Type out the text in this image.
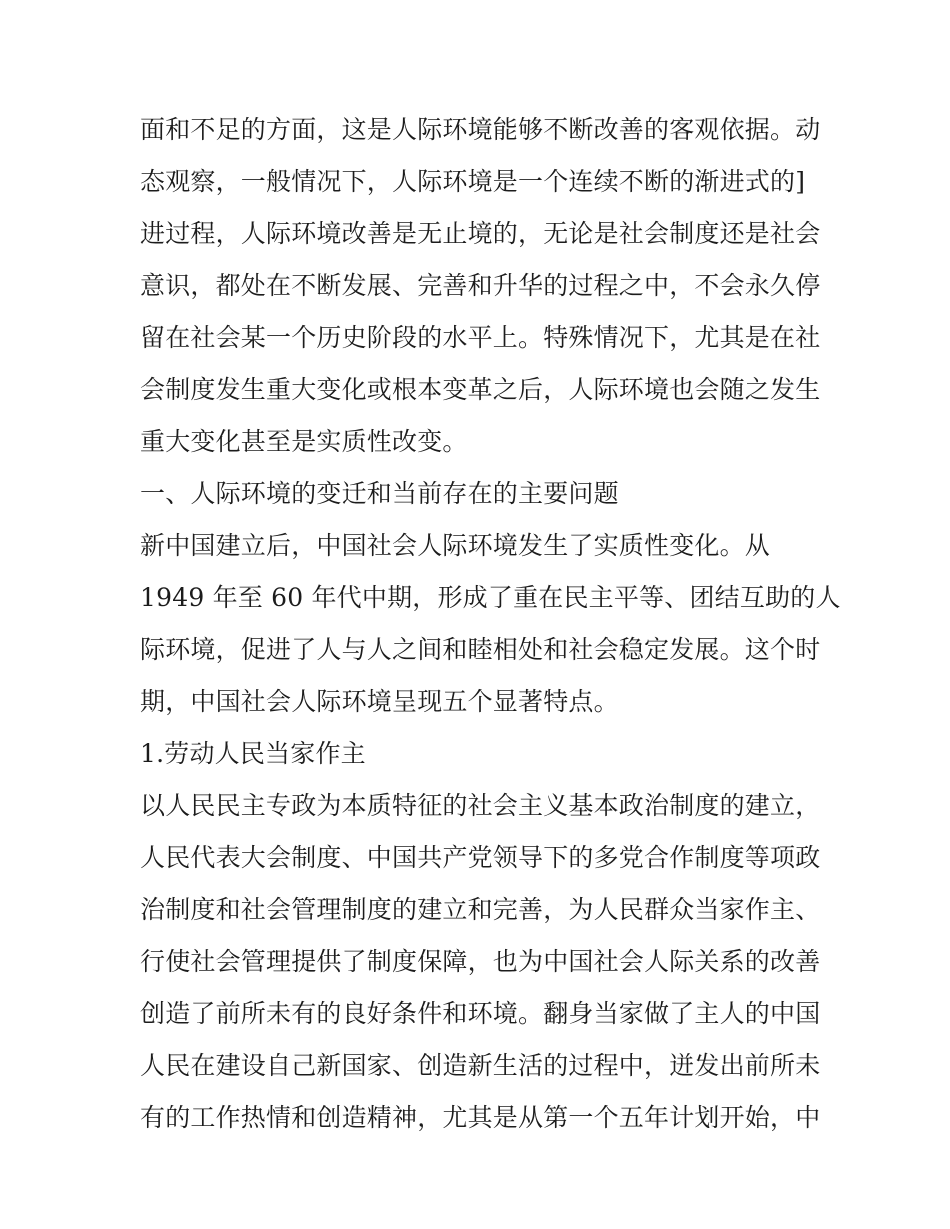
面和不足的方面，这是人际环境能够不断改善的客观依据。动
态观察，一般情况下，人际环境是一个连续不断的渐进式的]
进过程，人际环境改善是无止境的，无论是社会制度还是社会
意识，都处在不断发展、完善和升华的过程之中，不会永久停
留在社会某一个历史阶段的水平上。特殊情况下，尤其是在社
会制度发生重大变化或根本变革之后，人际环境也会随之发生
重大变化甚至是实质性改变。
一、人际环境的变迁和当前存在的主要问题
新中国建立后，中国社会人际环境发生了实质性变化。从
1949 年至 60 年代中期，形成了重在民主平等、团结互助的人
际环境，促进了人与人之间和睦相处和社会稳定发展。这个时
期，中国社会人际环境呈现五个显著特点。
1.劳动人民当家作主
以人民民主专政为本质特征的社会主义基本政治制度的建立，
人民代表大会制度、中国共产党领导下的多党合作制度等项政
治制度和社会管理制度的建立和完善，为人民群众当家作主、
行使社会管理提供了制度保障，也为中国社会人际关系的改善
创造了前所未有的良好条件和环境。翻身当家做了主人的中国
人民在建设自己新国家、创造新生活的过程中，迸发出前所未
有的工作热情和创造精神，尤其是从第一个五年计划开始，中
